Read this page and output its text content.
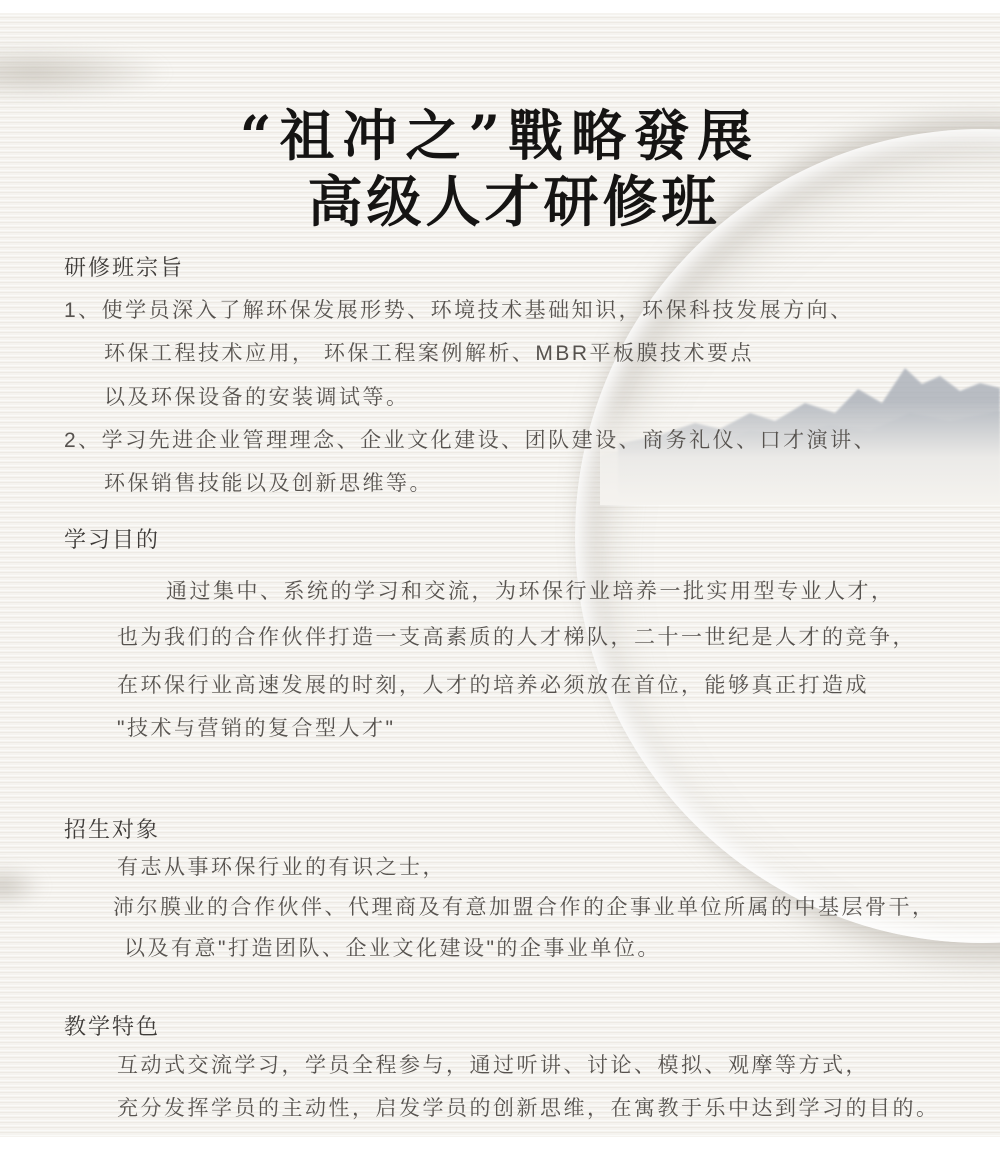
“祖冲之”戰略發展
高级人才研修班
研修班宗旨
1、使学员深入了解环保发展形势、环境技术基础知识，环保科技发展方向、
环保工程技术应用， 环保工程案例解析、MBR平板膜技术要点
以及环保设备的安装调试等。
2、学习先进企业管理理念、企业文化建设、团队建设、商务礼仪、口才演讲、
环保销售技能以及创新思维等。
学习目的
通过集中、系统的学习和交流，为环保行业培养一批实用型专业人才，
也为我们的合作伙伴打造一支高素质的人才梯队，二十一世纪是人才的竞争，
在环保行业高速发展的时刻，人才的培养必须放在首位，能够真正打造成
"技术与营销的复合型人才"
招生对象
有志从事环保行业的有识之士，
沛尔膜业的合作伙伴、代理商及有意加盟合作的企事业单位所属的中基层骨干，
以及有意"打造团队、企业文化建设"的企事业单位。
教学特色
互动式交流学习，学员全程参与，通过听讲、讨论、模拟、观摩等方式，
充分发挥学员的主动性，启发学员的创新思维，在寓教于乐中达到学习的目的。
